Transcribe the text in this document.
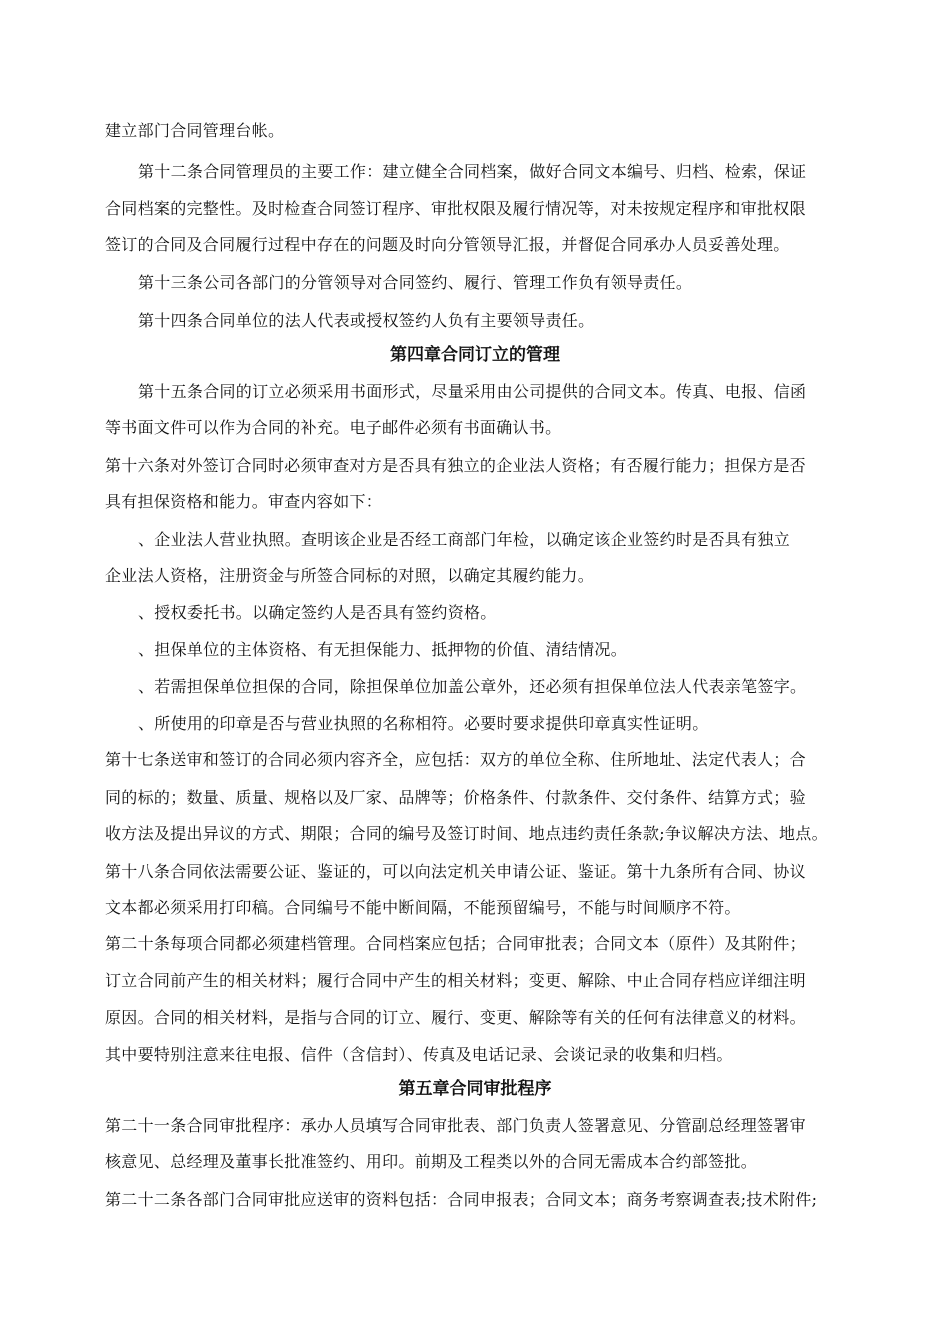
建立部门合同管理台帐。
第十二条合同管理员的主要工作：建立健全合同档案，做好合同文本编号、归档、检索，保证
合同档案的完整性。及时检查合同签订程序、审批权限及履行情况等，对未按规定程序和审批权限
签订的合同及合同履行过程中存在的问题及时向分管领导汇报，并督促合同承办人员妥善处理。
第十三条公司各部门的分管领导对合同签约、履行、管理工作负有领导责任。
第十四条合同单位的法人代表或授权签约人负有主要领导责任。
第四章合同订立的管理
第十五条合同的订立必须采用书面形式，尽量采用由公司提供的合同文本。传真、电报、信函
等书面文件可以作为合同的补充。电子邮件必须有书面确认书。
第十六条对外签订合同时必须审查对方是否具有独立的企业法人资格；有否履行能力；担保方是否
具有担保资格和能力。审查内容如下：
、企业法人营业执照。查明该企业是否经工商部门年检，以确定该企业签约时是否具有独立
企业法人资格，注册资金与所签合同标的对照，以确定其履约能力。
、授权委托书。以确定签约人是否具有签约资格。
、担保单位的主体资格、有无担保能力、抵押物的价值、清结情况。
、若需担保单位担保的合同，除担保单位加盖公章外，还必须有担保单位法人代表亲笔签字。
、所使用的印章是否与营业执照的名称相符。必要时要求提供印章真实性证明。
第十七条送审和签订的合同必须内容齐全，应包括：双方的单位全称、住所地址、法定代表人；合
同的标的；数量、质量、规格以及厂家、品牌等；价格条件、付款条件、交付条件、结算方式；验
收方法及提出异议的方式、期限；合同的编号及签订时间、地点违约责任条款;争议解决方法、地点。
第十八条合同依法需要公证、鉴证的，可以向法定机关申请公证、鉴证。第十九条所有合同、协议
文本都必须采用打印稿。合同编号不能中断间隔，不能预留编号，不能与时间顺序不符。
第二十条每项合同都必须建档管理。合同档案应包括；合同审批表；合同文本（原件）及其附件；
订立合同前产生的相关材料；履行合同中产生的相关材料；变更、解除、中止合同存档应详细注明
原因。合同的相关材料，是指与合同的订立、履行、变更、解除等有关的任何有法律意义的材料。
其中要特别注意来往电报、信件（含信封）、传真及电话记录、会谈记录的收集和归档。
第五章合同审批程序
第二十一条合同审批程序：承办人员填写合同审批表、部门负责人签署意见、分管副总经理签署审
核意见、总经理及董事长批准签约、用印。前期及工程类以外的合同无需成本合约部签批。
第二十二条各部门合同审批应送审的资料包括：合同申报表；合同文本；商务考察调查表;技术附件;
